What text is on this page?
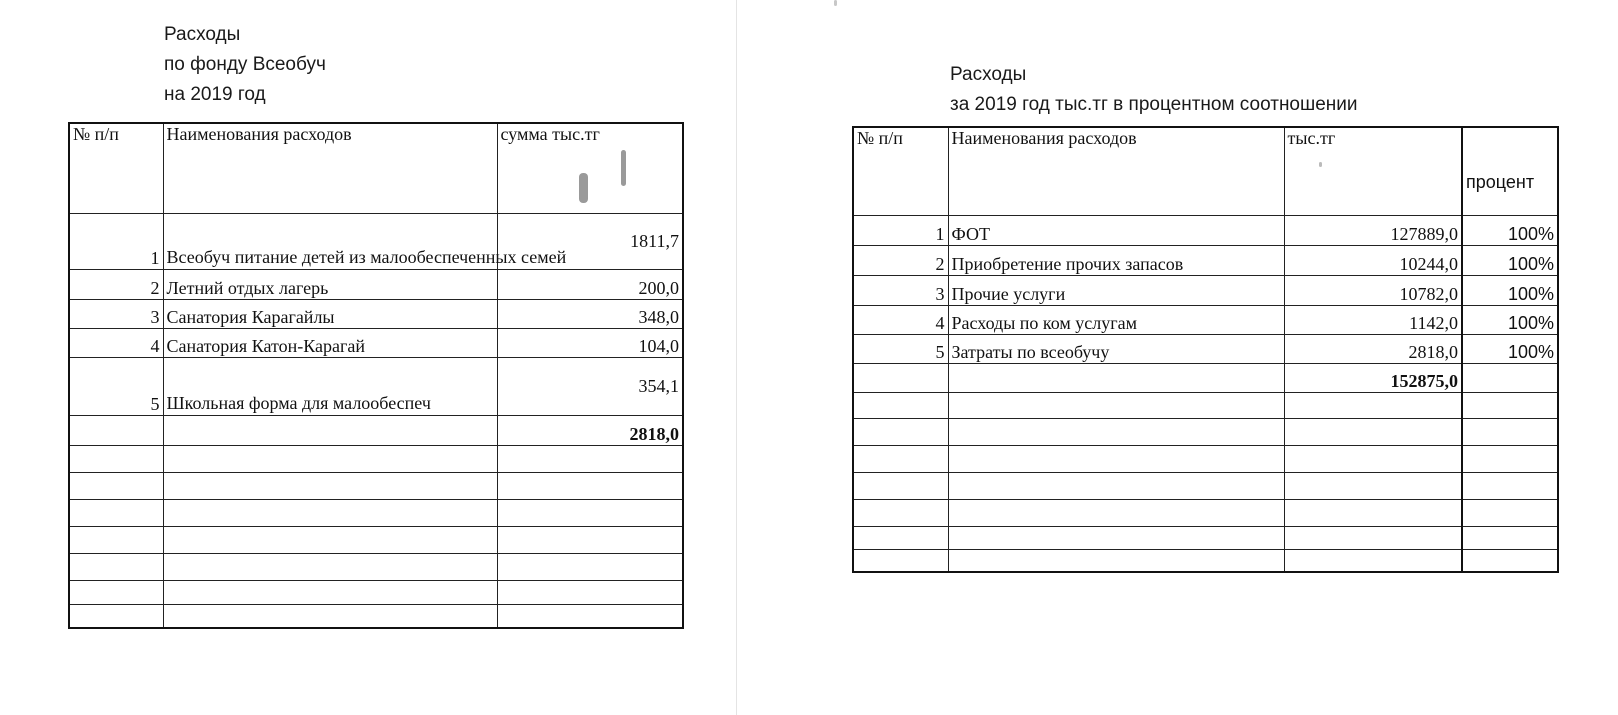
Расходы
по фонду Всеобуч
на 2019 год
№ п/п	Наименования расходов	сумма тыс.тг
1	Всеобуч питание детей из малообеспеченных семей	1811,7
2	Летний отдых лагерь	200,0
3	Санатория Карагайлы	348,0
4	Санатория Катон-Карагай	104,0
5	Школьная форма для малообеспеч	354,1
		2818,0

Расходы
за 2019 год тыс.тг в процентном соотношении
№ п/п	Наименования расходов	тыс.тг	процент
1	ФОТ	127889,0	100%
2	Приобретение прочих запасов	10244,0	100%
3	Прочие услуги	10782,0	100%
4	Расходы по ком услугам	1142,0	100%
5	Затраты по всеобучу	2818,0	100%
		152875,0	
